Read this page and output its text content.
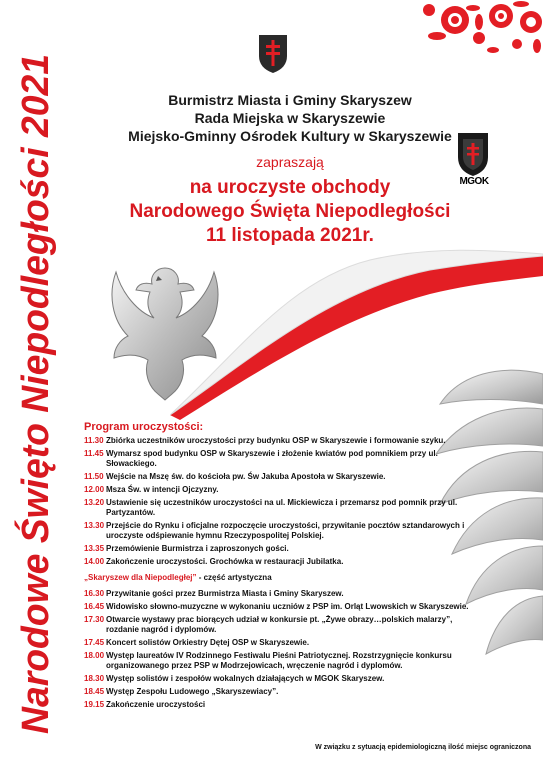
Narodowe Święto Niepodległości 2021	Burmistrz Miasta i Gminy Skaryszew
Rada Miejska w Skaryszewie
Miejsko-Gminny Ośrodek Kultury w Skaryszewie
MGOK
zapraszają
na uroczyste obchody
Narodowego Święta Niepodległości
11 listopada 2021r.
Program uroczystości:
11.30 Zbiórka uczestników uroczystości przy budynku OSP w Skaryszewie i formowanie szyku.
11.45 Wymarsz spod budynku OSP w Skaryszewie i złożenie kwiatów pod pomnikiem przy ul. Słowackiego.
11.50 Wejście na Mszę św. do kościoła pw. Św Jakuba Apostoła w Skaryszewie.
12.00 Msza Św. w intencji Ojczyzny.
13.20 Ustawienie się uczestników uroczystości na ul. Mickiewicza i przemarsz pod pomnik przy ul. Partyzantów.
13.30 Przejście do Rynku i oficjalne rozpoczęcie uroczystości, przywitanie pocztów sztandarowych i uroczyste odśpiewanie hymnu Rzeczypospolitej Polskiej.
13.35 Przemówienie Burmistrza i zaproszonych gości.
14.00 Zakończenie uroczystości. Grochówka w restauracji Jubilatka.
„Skaryszew dla Niepodległej” - część artystyczna
16.30 Przywitanie gości przez Burmistrza Miasta i Gminy Skaryszew.
16.45 Widowisko słowno-muzyczne w wykonaniu uczniów z PSP im. Orląt Lwowskich w Skaryszewie.
17.30 Otwarcie wystawy prac biorących udział w konkursie pt. „Żywe obrazy…polskich malarzy”, rozdanie nagród i dyplomów.
17.45 Koncert solistów Orkiestry Dętej OSP w Skaryszewie.
18.00 Występ laureatów IV Rodzinnego Festiwalu Pieśni Patriotycznej. Rozstrzygnięcie konkursu organizowanego przez PSP w Modrzejowicach, wręczenie nagród i dyplomów.
18.30 Występ solistów i zespołów wokalnych działających w MGOK Skaryszew.
18.45 Występ Zespołu Ludowego „Skaryszewiacy”.
19.15 Zakończenie uroczystości
W związku z sytuacją epidemiologiczną ilość miejsc ograniczona
